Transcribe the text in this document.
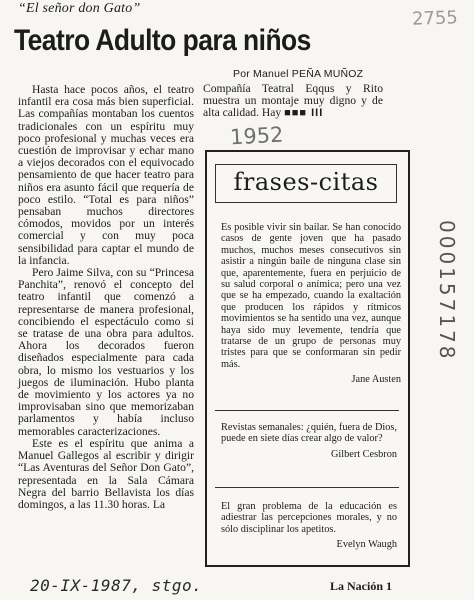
“El señor don Gato”
Teatro Adulto para niños
Por Manuel PEÑA MUÑOZ

Hasta hace pocos años, el teatro infantil era cosa más bien superficial. Las compañías montaban los cuentos tradicionales con un espíritu muy poco profesional y muchas veces era cuestión de improvisar y echar mano a viejos decorados con el equivocado pensamiento de que hacer teatro para niños era asunto fácil que requería de poco estilo. “Total es para niños” pensaban muchos directores cómodos, movidos por un interés comercial y con muy poca sensibilidad para captar el mundo de la infancia.

Pero Jaime Silva, con su “Princesa Panchita”, renovó el concepto del teatro infantil que comenzó a representarse de manera profesional, concibiendo el espectáculo como si se tratase de una obra para adultos. Ahora los decorados fueron diseñados especialmente para cada obra, lo mismo los vestuarios y los juegos de iluminación. Hubo planta de movimiento y los actores ya no improvisaban sino que memorizaban parlamentos y había incluso memorables caracterizaciones.

Este es el espíritu que anima a Manuel Gallegos al escribir y dirigir “Las Aventuras del Señor Don Gato”, representada en la Sala Cámara Negra del barrio Bellavista los días domingos, a las 11.30 horas. La

Compañía Teatral Eqqus y Rito muestra un montaje muy digno y de alta calidad. Hay ■■■ III

frases-citas
Es posible vivir sin bailar. Se han conocido casos de gente joven que ha pasado muchos, muchos meses consecutivos sin asistir a ningún baile de ninguna clase sin que, aparentemente, fuera en perjuicio de su salud corporal o anímica; pero una vez que se ha empezado, cuando la exaltación que producen los rápidos y rítmicos movimientos se ha sentido una vez, aunque haya sido muy levemente, tendría que tratarse de un grupo de personas muy tristes para que se conformaran sin pedir más.
Jane Austen
Revistas semanales: ¿quién, fuera de Dios, puede en siete días crear algo de valor?
Gilbert Cesbron
El gran problema de la educación es adiestrar las percepciones morales, y no sólo disciplinar los apetitos.
Evelyn Waugh
20-IX-1987, stgo.	La Nación 1
2755
1952
000157178
